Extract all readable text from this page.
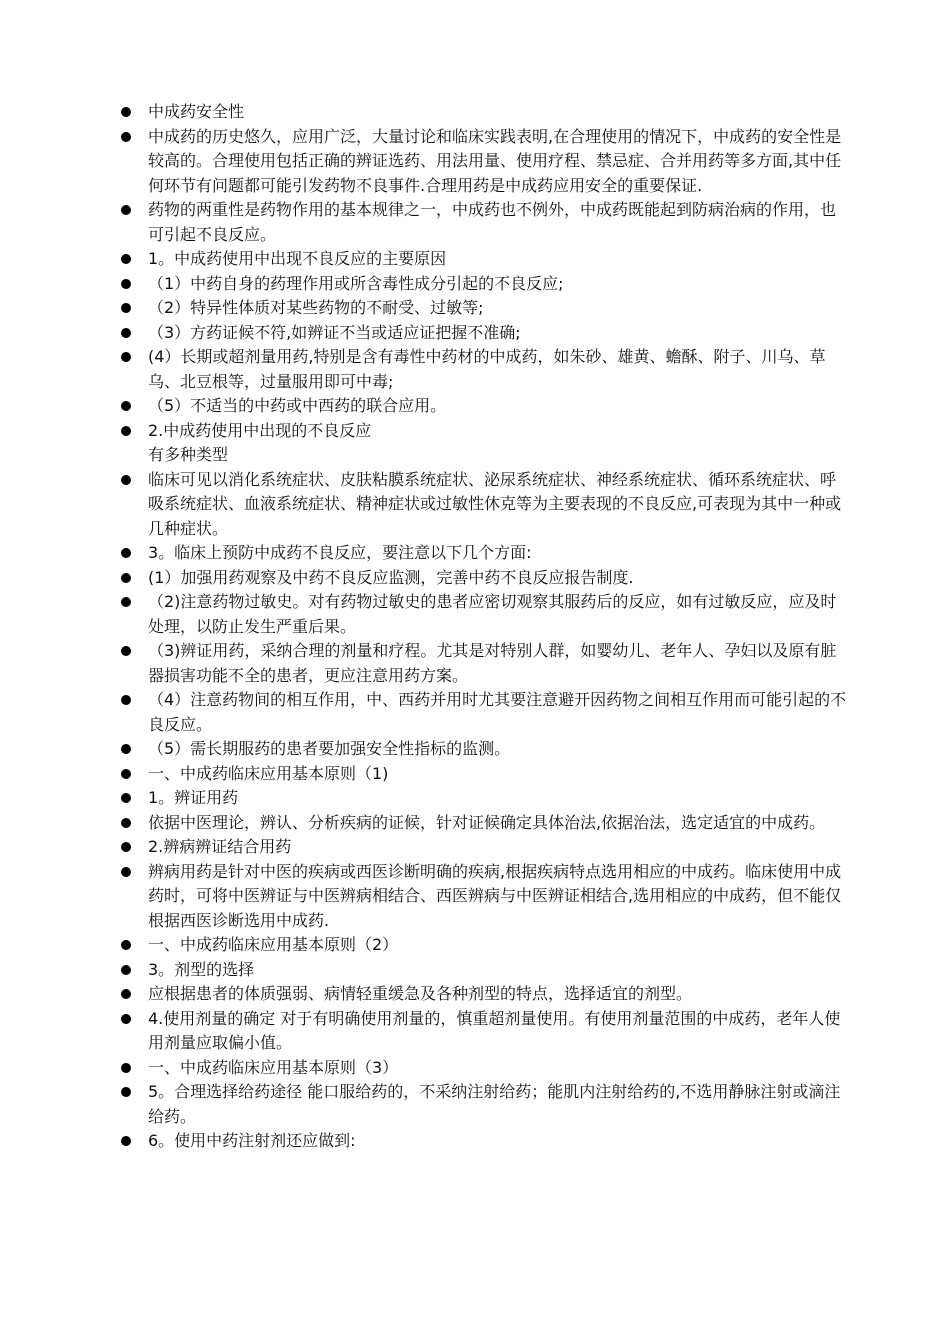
中成药安全性
中成药的历史悠久，应用广泛，大量讨论和临床实践表明,在合理使用的情况下，中成药的安全性是较高的。合理使用包括正确的辨证选药、用法用量、使用疗程、禁忌症、合并用药等多方面,其中任何环节有问题都可能引发药物不良事件.合理用药是中成药应用安全的重要保证.
药物的两重性是药物作用的基本规律之一，中成药也不例外，中成药既能起到防病治病的作用，也可引起不良反应。
1。中成药使用中出现不良反应的主要原因
（1）中药自身的药理作用或所含毒性成分引起的不良反应;
（2）特异性体质对某些药物的不耐受、过敏等;
（3）方药证候不符,如辨证不当或适应证把握不准确;
(4）长期或超剂量用药,特别是含有毒性中药材的中成药，如朱砂、雄黄、蟾酥、附子、川乌、草乌、北豆根等，过量服用即可中毒;
（5）不适当的中药或中西药的联合应用。
2.中成药使用中出现的不良反应
有多种类型
临床可见以消化系统症状、皮肤粘膜系统症状、泌尿系统症状、神经系统症状、循环系统症状、呼吸系统症状、血液系统症状、精神症状或过敏性休克等为主要表现的不良反应,可表现为其中一种或几种症状。
3。临床上预防中成药不良反应，要注意以下几个方面:
(1）加强用药观察及中药不良反应监测，完善中药不良反应报告制度.
（2)注意药物过敏史。对有药物过敏史的患者应密切观察其服药后的反应，如有过敏反应，应及时处理，以防止发生严重后果。
（3)辨证用药，采纳合理的剂量和疗程。尤其是对特别人群，如婴幼儿、老年人、孕妇以及原有脏器损害功能不全的患者，更应注意用药方案。
（4）注意药物间的相互作用，中、西药并用时尤其要注意避开因药物之间相互作用而可能引起的不良反应。
（5）需长期服药的患者要加强安全性指标的监测。
一、中成药临床应用基本原则（1)
1。辨证用药
依据中医理论，辨认、分析疾病的证候，针对证候确定具体治法,依据治法，选定适宜的中成药。
2.辨病辨证结合用药
辨病用药是针对中医的疾病或西医诊断明确的疾病,根据疾病特点选用相应的中成药。临床使用中成药时，可将中医辨证与中医辨病相结合、西医辨病与中医辨证相结合,选用相应的中成药，但不能仅根据西医诊断选用中成药.
一、中成药临床应用基本原则（2）
3。剂型的选择
应根据患者的体质强弱、病情轻重缓急及各种剂型的特点，选择适宜的剂型。
4.使用剂量的确定 对于有明确使用剂量的，慎重超剂量使用。有使用剂量范围的中成药，老年人使用剂量应取偏小值。
一、中成药临床应用基本原则（3）
5。合理选择给药途径 能口服给药的，不采纳注射给药；能肌内注射给药的,不选用静脉注射或滴注给药。
6。使用中药注射剂还应做到:
